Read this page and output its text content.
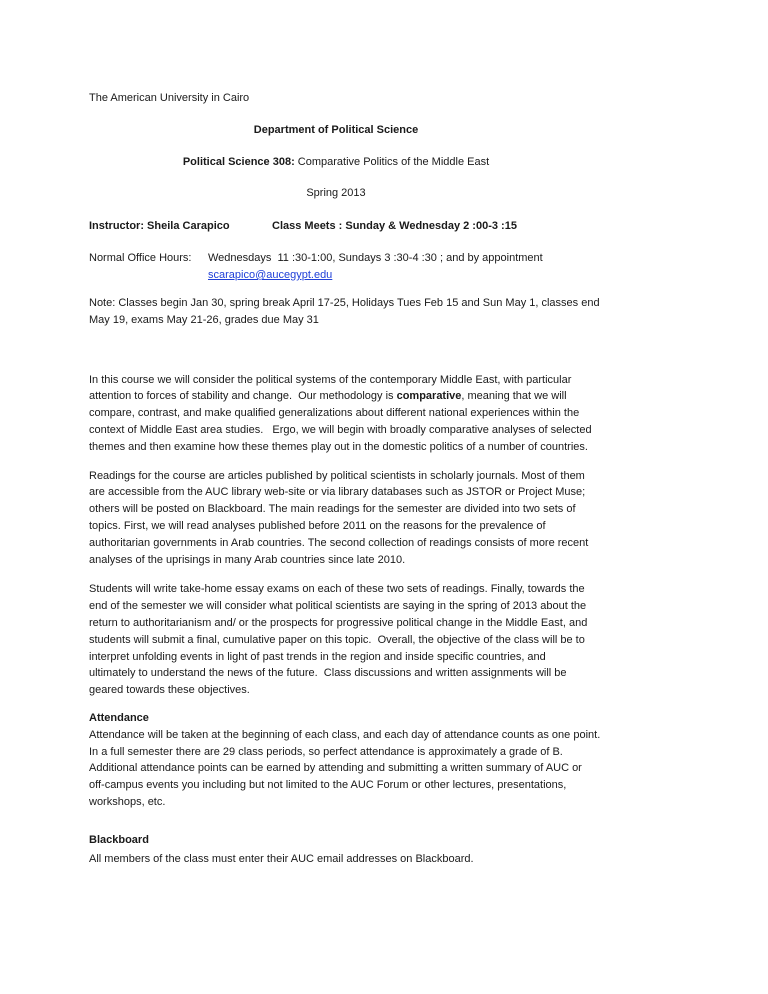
The American University in Cairo
Department of Political Science
Political Science 308: Comparative Politics of the Middle East
Spring 2013
Instructor: Sheila Carapico	Class Meets : Sunday & Wednesday 2 :00-3 :15
Normal Office Hours:	Wednesdays  11 :30-1:00, Sundays 3 :30-4 :30 ; and by appointment
scarapico@aucegypt.edu
Note: Classes begin Jan 30, spring break April 17-25, Holidays Tues Feb 15 and Sun May 1, classes end
May 19, exams May 21-26, grades due May 31
In this course we will consider the political systems of the contemporary Middle East, with particular
attention to forces of stability and change.  Our methodology is comparative, meaning that we will
compare, contrast, and make qualified generalizations about different national experiences within the
context of Middle East area studies.   Ergo, we will begin with broadly comparative analyses of selected
themes and then examine how these themes play out in the domestic politics of a number of countries.
Readings for the course are articles published by political scientists in scholarly journals. Most of them
are accessible from the AUC library web-site or via library databases such as JSTOR or Project Muse;
others will be posted on Blackboard. The main readings for the semester are divided into two sets of
topics. First, we will read analyses published before 2011 on the reasons for the prevalence of
authoritarian governments in Arab countries. The second collection of readings consists of more recent
analyses of the uprisings in many Arab countries since late 2010.
Students will write take-home essay exams on each of these two sets of readings. Finally, towards the
end of the semester we will consider what political scientists are saying in the spring of 2013 about the
return to authoritarianism and/ or the prospects for progressive political change in the Middle East, and
students will submit a final, cumulative paper on this topic.  Overall, the objective of the class will be to
interpret unfolding events in light of past trends in the region and inside specific countries, and
ultimately to understand the news of the future.  Class discussions and written assignments will be
geared towards these objectives.
Attendance
Attendance will be taken at the beginning of each class, and each day of attendance counts as one point.
In a full semester there are 29 class periods, so perfect attendance is approximately a grade of B.
Additional attendance points can be earned by attending and submitting a written summary of AUC or
off-campus events you including but not limited to the AUC Forum or other lectures, presentations,
workshops, etc.
Blackboard
All members of the class must enter their AUC email addresses on Blackboard.
